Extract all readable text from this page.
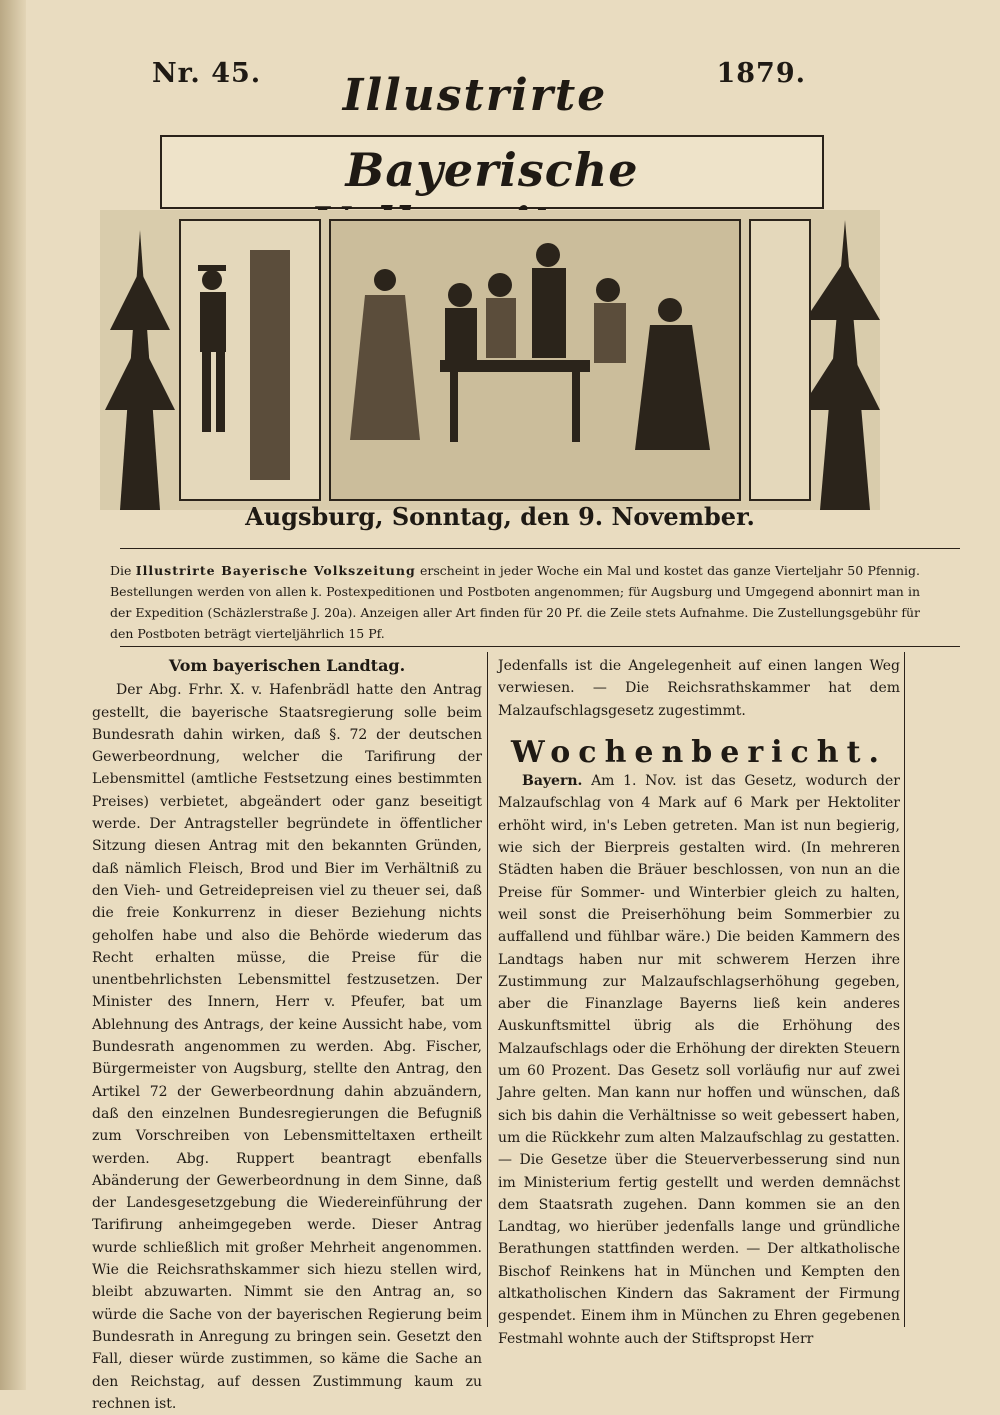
Nr. 45.	1879.
Illustrirte
Bayerische
Augsburg, Sonntag, den 9. November.
Die Illustrirte Bayerische Volkszeitung erscheint in jeder Woche ein Mal und kostet das ganze Vierteljahr 50 Pfennig. Bestellungen werden von allen k. Postexpeditionen und Postboten angenommen; für Augsburg und Umgegend abonnirt man in der Expedition (Schäzlerstraße J. 20a). Anzeigen aller Art finden für 20 Pf. die Zeile stets Aufnahme. Die Zustellungsgebühr für den Postboten beträgt vierteljährlich 15 Pf.
Vom bayerischen Landtag.

Der Abg. Frhr. X. v. Hafenbrädl hatte den Antrag gestellt, die bayerische Staatsregierung solle beim Bundesrath dahin wirken, daß §. 72 der deutschen Gewerbeordnung, welcher die Tarifirung der Lebensmittel (amtliche Festsetzung eines bestimmten Preises) verbietet, abgeändert oder ganz beseitigt werde. Der Antragsteller begründete in öffentlicher Sitzung diesen Antrag mit den bekannten Gründen, daß nämlich Fleisch, Brod und Bier im Verhältniß zu den Vieh- und Getreidepreisen viel zu theuer sei, daß die freie Konkurrenz in dieser Beziehung nichts geholfen habe und also die Behörde wiederum das Recht erhalten müsse, die Preise für die unentbehrlichsten Lebensmittel festzusetzen. Der Minister des Innern, Herr v. Pfeufer, bat um Ablehnung des Antrags, der keine Aussicht habe, vom Bundesrath angenommen zu werden. Abg. Fischer, Bürgermeister von Augsburg, stellte den Antrag, den Artikel 72 der Gewerbeordnung dahin abzuändern, daß den einzelnen Bundesregierungen die Befugniß zum Vorschreiben von Lebensmitteltaxen ertheilt werden. Abg. Ruppert beantragt ebenfalls Abänderung der Gewerbeordnung in dem Sinne, daß der Landesgesetzgebung die Wiedereinführung der Tarifirung anheimgegeben werde. Dieser Antrag wurde schließlich mit großer Mehrheit angenommen. Wie die Reichsrathskammer sich hiezu stellen wird, bleibt abzuwarten. Nimmt sie den Antrag an, so würde die Sache von der bayerischen Regierung beim Bundesrath in Anregung zu bringen sein. Gesetzt den Fall, dieser würde zustimmen, so käme die Sache an den Reichstag, auf dessen Zustimmung kaum zu rechnen ist.

Jedenfalls ist die Angelegenheit auf einen langen Weg verwiesen. — Die Reichsrathskammer hat dem Malzaufschlagsgesetz zugestimmt.

Wochenbericht.

Bayern. Am 1. Nov. ist das Gesetz, wodurch der Malzaufschlag von 4 Mark auf 6 Mark per Hektoliter erhöht wird, in's Leben getreten. Man ist nun begierig, wie sich der Bierpreis gestalten wird. (In mehreren Städten haben die Bräuer beschlossen, von nun an die Preise für Sommer- und Winterbier gleich zu halten, weil sonst die Preiserhöhung beim Sommerbier zu auffallend und fühlbar wäre.) Die beiden Kammern des Landtags haben nur mit schwerem Herzen ihre Zustimmung zur Malzaufschlagserhöhung gegeben, aber die Finanzlage Bayerns ließ kein anderes Auskunftsmittel übrig als die Erhöhung des Malzaufschlags oder die Erhöhung der direkten Steuern um 60 Prozent. Das Gesetz soll vorläufig nur auf zwei Jahre gelten. Man kann nur hoffen und wünschen, daß sich bis dahin die Verhältnisse so weit gebessert haben, um die Rückkehr zum alten Malzaufschlag zu gestatten. — Die Gesetze über die Steuerverbesserung sind nun im Ministerium fertig gestellt und werden demnächst dem Staatsrath zugehen. Dann kommen sie an den Landtag, wo hierüber jedenfalls lange und gründliche Berathungen stattfinden werden. — Der altkatholische Bischof Reinkens hat in München und Kempten den altkatholischen Kindern das Sakrament der Firmung gespendet. Einem ihm in München zu Ehren gegebenen Festmahl wohnte auch der Stiftspropst Herr
